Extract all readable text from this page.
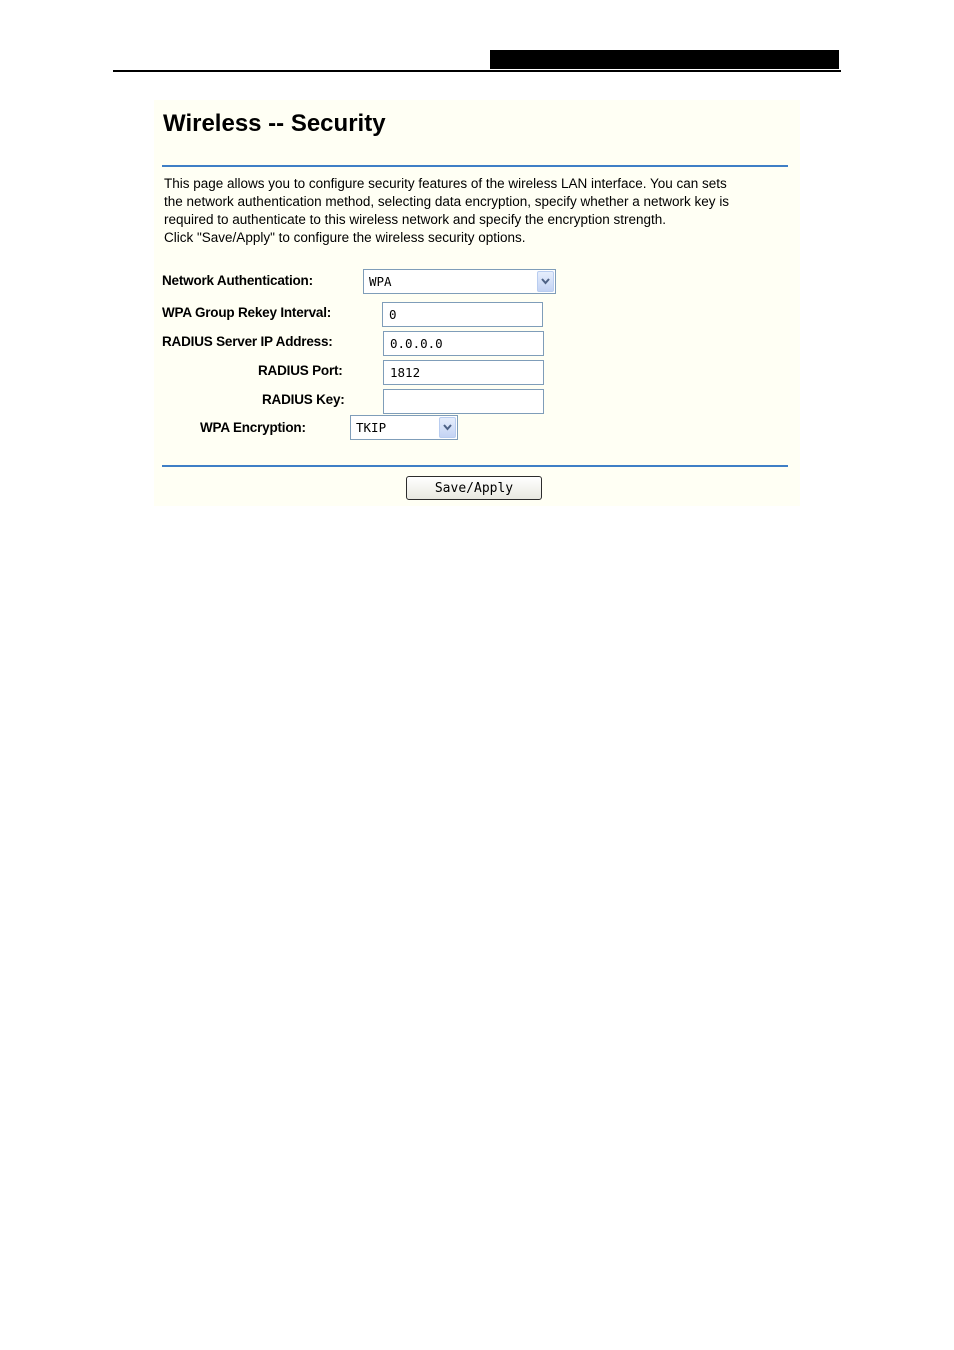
Wireless -- Security
This page allows you to configure security features of the wireless LAN interface. You can sets
the network authentication method, selecting data encryption, specify whether a network key is
required to authenticate to this wireless network and specify the encryption strength.
Click "Save/Apply" to configure the wireless security options.
Network Authentication:	WPA
WPA Group Rekey Interval:
0
RADIUS Server IP Address:
0.0.0.0
RADIUS Port:
1812
RADIUS Key:
WPA Encryption:	TKIP
Save/Apply
